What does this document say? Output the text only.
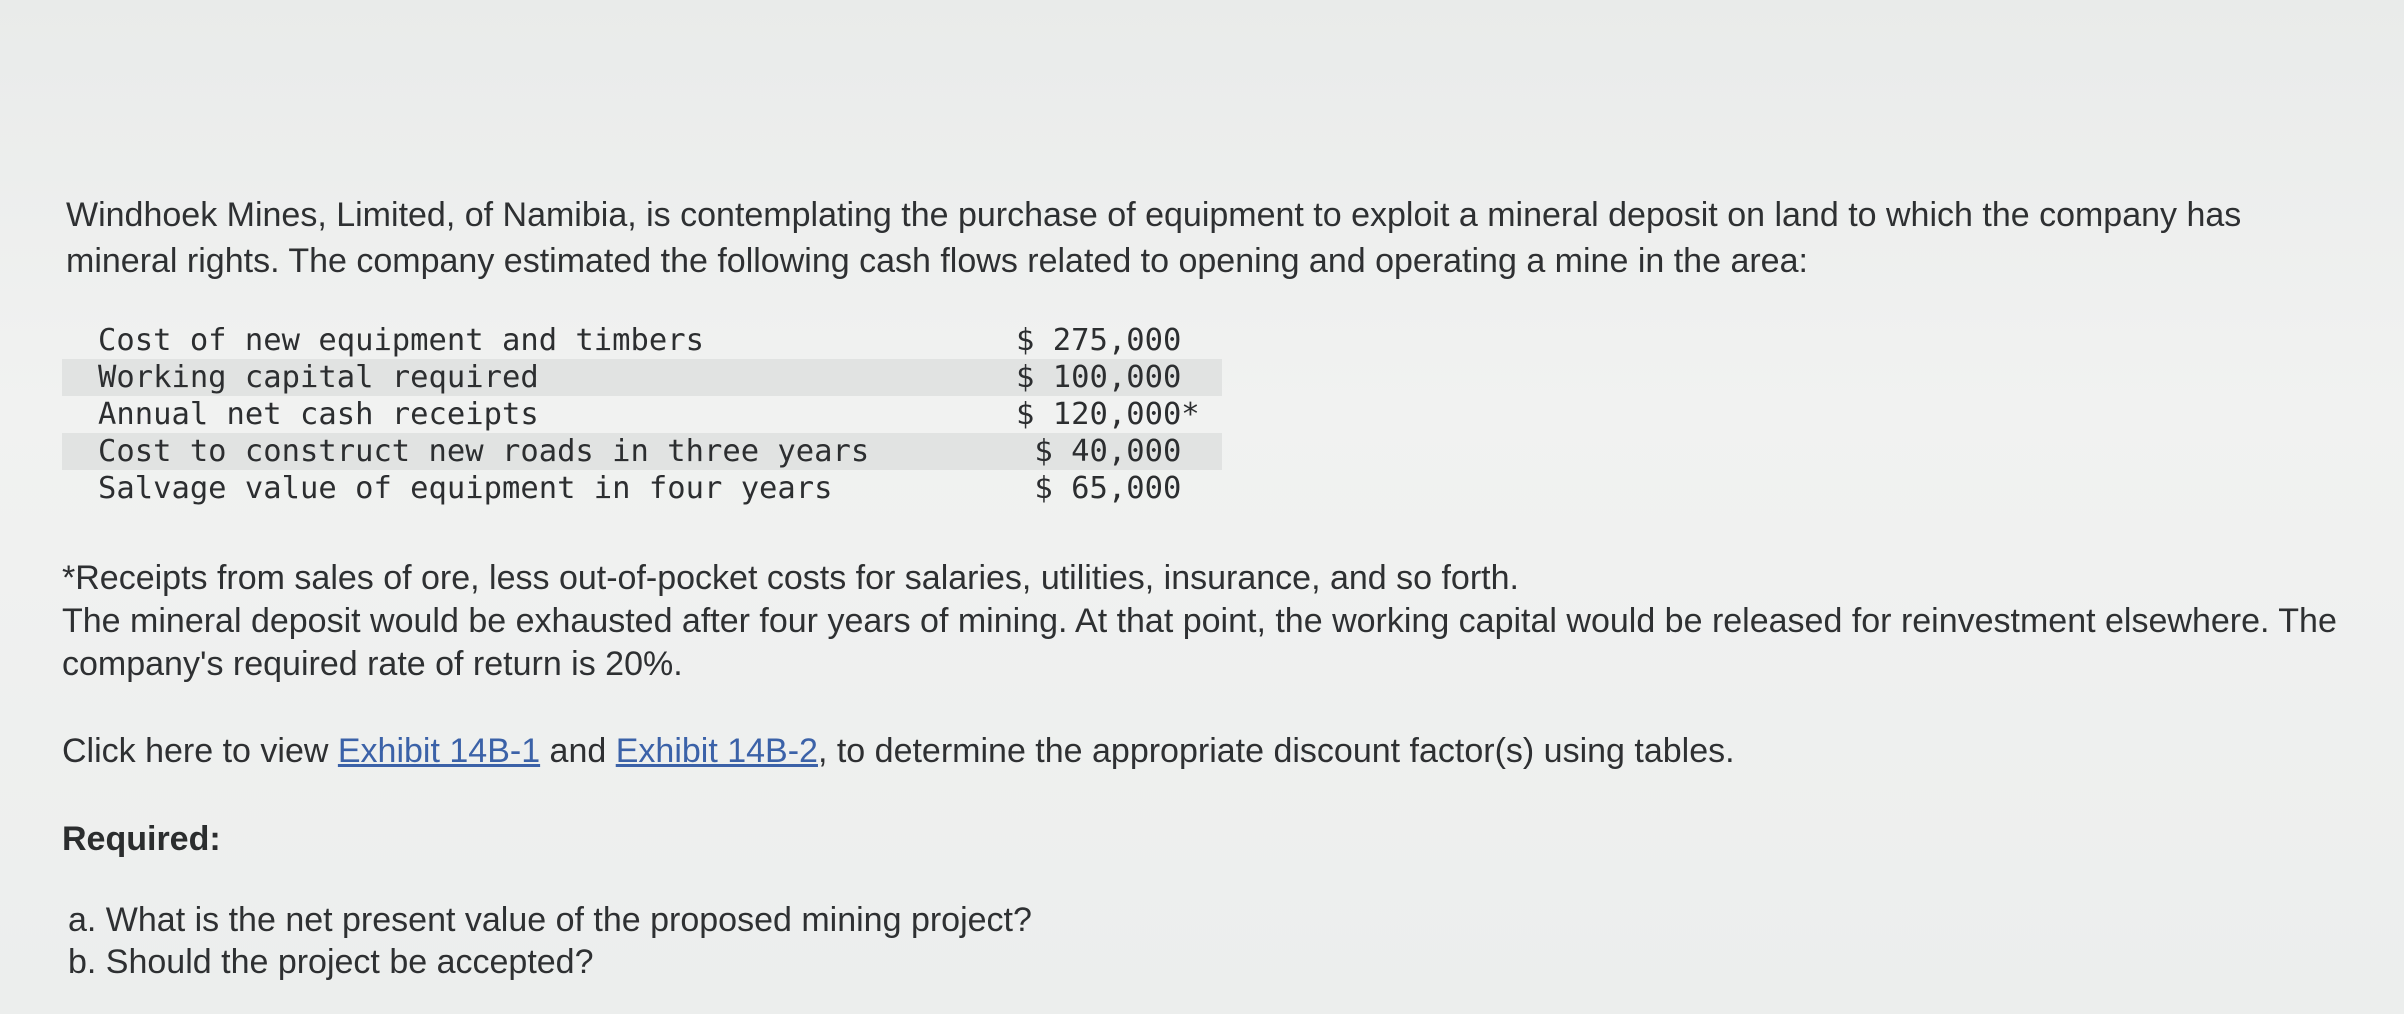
Windhoek Mines, Limited, of Namibia, is contemplating the purchase of equipment to exploit a mineral deposit on land to which the company has mineral rights. The company estimated the following cash flows related to opening and operating a mine in the area:

Cost of new equipment and timbers	$ 275,000
Working capital required	$ 100,000
Annual net cash receipts	$ 120,000*
Cost to construct new roads in three years	$ 40,000
Salvage value of equipment in four years	$ 65,000

*Receipts from sales of ore, less out-of-pocket costs for salaries, utilities, insurance, and so forth.

The mineral deposit would be exhausted after four years of mining. At that point, the working capital would be released for reinvestment elsewhere. The company's required rate of return is 20%.

Click here to view Exhibit 14B-1 and Exhibit 14B-2, to determine the appropriate discount factor(s) using tables.

Required:

a. What is the net present value of the proposed mining project?
b. Should the project be accepted?
